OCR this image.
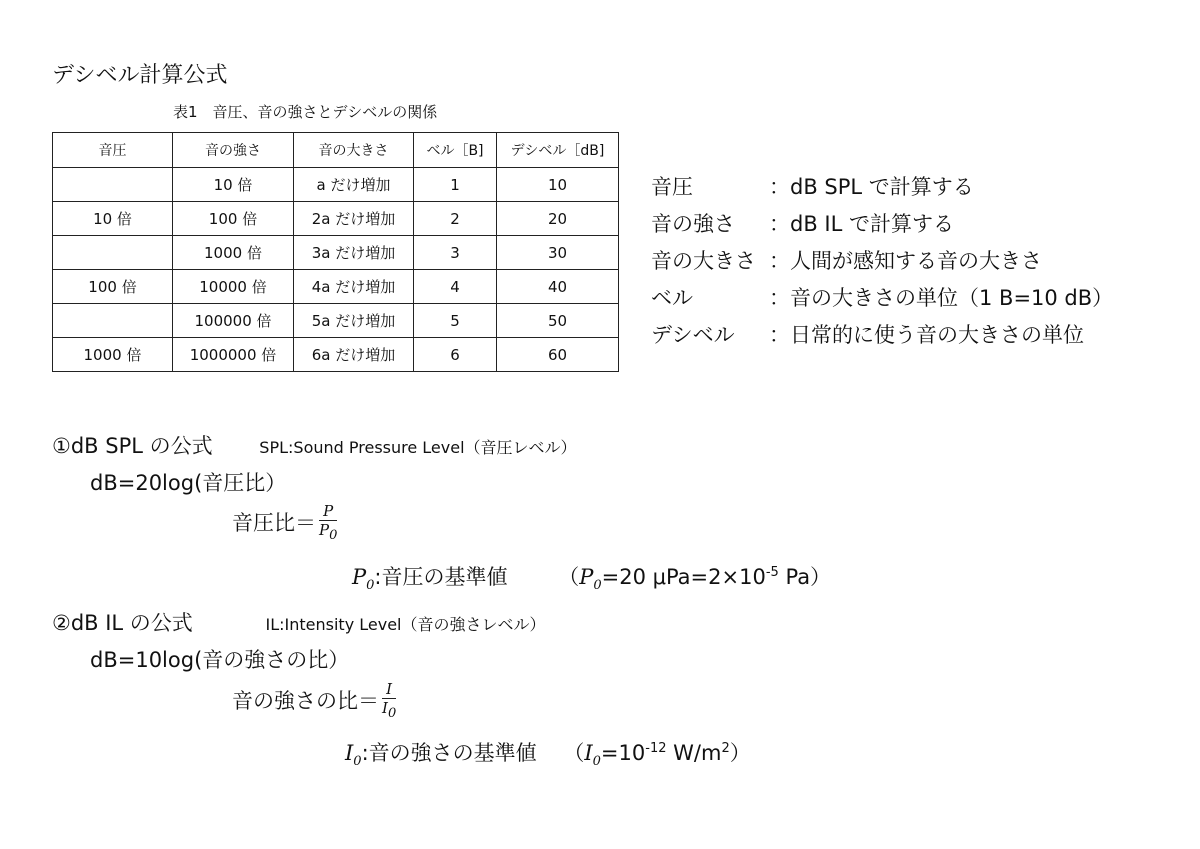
デシベル計算公式
表1　音圧、音の強さとデシベルの関係
音圧	音の強さ	音の大きさ	ベル［B]	デシベル［dB]
	10 倍	a だけ増加	1	10
10 倍	100 倍	2a だけ増加	2	20
	1000 倍	3a だけ増加	3	30
100 倍	10000 倍	4a だけ増加	4	40
	100000 倍	5a だけ増加	5	50
1000 倍	1000000 倍	6a だけ増加	6	60
音圧	：dB SPL で計算する
音の強さ	：dB IL で計算する
音の大きさ ：人間が感知する音の大きさ
ベル	：音の大きさの単位（1 B=10 dB）
デシベル	：日常的に使う音の大きさの単位
①dB SPL の公式	SPL:Sound Pressure Level（音圧レベル）
dB=20log(音圧比）
音圧比＝ $\frac{P}{P_0}$
$P_0$:音圧の基準値 （$P_0=20$ $\mu Pa=2\times 10^{-5}$ Pa）
②dB IL の公式	IL:Intensity Level（音の強さレベル）
dB=10log(音の強さの比）
音の強さの比＝ $\frac{I}{I_0}$
$I_0$:音の強さの基準値 （$I_0=10^{-12}$ $W/m^2$）
